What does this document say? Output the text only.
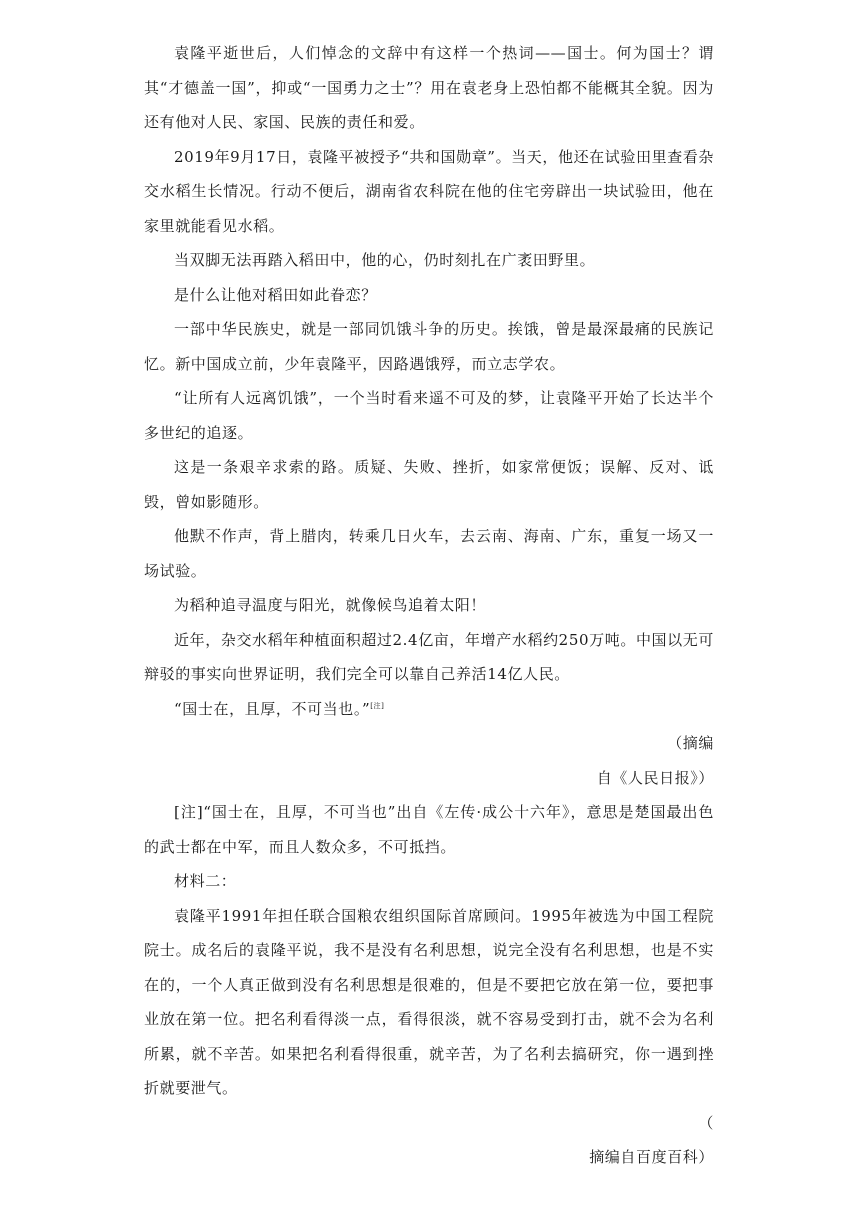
袁隆平逝世后，人们悼念的文辞中有这样一个热词——国士。何为国士？谓其“才德盖一国”，抑或“一国勇力之士”？用在袁老身上恐怕都不能概其全貌。因为还有他对人民、家国、民族的责任和爱。

2019年9月17日，袁隆平被授予“共和国勋章”。当天，他还在试验田里查看杂交水稻生长情况。行动不便后，湖南省农科院在他的住宅旁辟出一块试验田，他在家里就能看见水稻。

当双脚无法再踏入稻田中，他的心，仍时刻扎在广袤田野里。

是什么让他对稻田如此眷恋？

一部中华民族史，就是一部同饥饿斗争的历史。挨饿，曾是最深最痛的民族记忆。新中国成立前，少年袁隆平，因路遇饿殍，而立志学农。

“让所有人远离饥饿”，一个当时看来遥不可及的梦，让袁隆平开始了长达半个多世纪的追逐。

这是一条艰辛求索的路。质疑、失败、挫折，如家常便饭；误解、反对、诋毁，曾如影随形。

他默不作声，背上腊肉，转乘几日火车，去云南、海南、广东，重复一场又一场试验。

为稻种追寻温度与阳光，就像候鸟追着太阳！

近年，杂交水稻年种植面积超过2.4亿亩，年增产水稻约250万吨。中国以无可辩驳的事实向世界证明，我们完全可以靠自己养活14亿人民。

“国士在，且厚，不可当也。”[注]

（摘编

自《人民日报》）

[注]“国士在，且厚，不可当也”出自《左传·成公十六年》，意思是楚国最出色的武士都在中军，而且人数众多，不可抵挡。

材料二：

袁隆平1991年担任联合国粮农组织国际首席顾问。1995年被选为中国工程院院士。成名后的袁隆平说，我不是没有名利思想，说完全没有名利思想，也是不实在的，一个人真正做到没有名利思想是很难的，但是不要把它放在第一位，要把事业放在第一位。把名利看得淡一点，看得很淡，就不容易受到打击，就不会为名利所累，就不辛苦。如果把名利看得很重，就辛苦，为了名利去搞研究，你一遇到挫折就要泄气。

（

摘编自百度百科）
